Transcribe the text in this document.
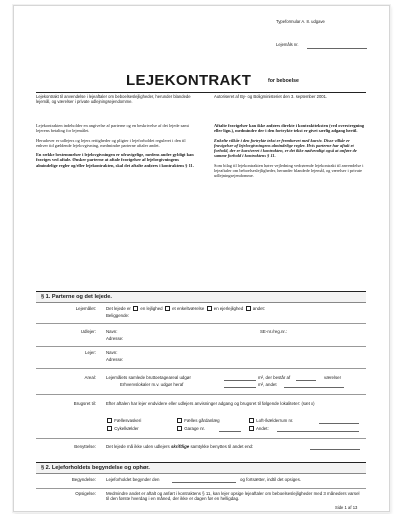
Typeformular A. 8. udgave
Lejemåls nr.
LEJEKONTRAKT	for beboelse
Lejekontrakt til anvendelse i lejeaftaler om beboelseslejligheder, herunder blandede lejemål, og værelser i private udlejningsejendomme.
Autoriseret af By- og Boligministeriet den 3. september 2001.

Lejekontrakten indeholder en angivelse af parterne og en beskrivelse af det lejede samt lejerens betaling for lejemålet.

Herudover er udlejers og lejers rettigheder og pligter i lejeforholdet reguleret i den til enhver tid gældende lejelovgivning, medmindre parterne aftaler andet.

En række bestemmelser i lejelovgivningen er ufravigelige, medens andre gyldigt kan fraviges ved aftale. Ønsker parterne at aftale fravigelser af lejelovgivningens almindelige regler og/eller lejekontrakten, skal det aftalte anføres i kontraktens § 11.

Aftalte fravigelser kan ikke anføres direkte i kontraktteksten (ved overstregning eller lign.), medmindre der i den fortrykte tekst er givet særlig adgang hertil.

Enkelte vilkår i den fortrykte tekst er fremhævet med kursiv. Disse vilkår er fravigelser af lejelovgivningens almindelige regler. Hvis parterne har aftalt et forhold, der er kursiveret i kontrakten, er det ikke nødvendigt også at anføre de samme forhold i kontraktens § 11.

Som bilag til lejekontrakten hører vejledning vedrørende lejekontrakt til anvendelse i lejeaftaler om beboelseslejligheder, herunder blandede lejemål, og værelser i private udlejningsejendomme.

§ 1. Parterne og det lejede.
Lejemålet: Det lejede er en lejlighed et enkeltværelse en ejerlejlighed andet:
Beliggende:
Udlejer: Navn:	SE-nr./reg.nr.:
Adresse:
Lejer: Navn:
Adresse:
Areal: Lejemålets samlede bruttoetageareal udgør	m², der består af	værelser
Erhvervslokaler m.v. udgør heraf	m², andet
Brugsret til: Efter aftalen har lejer endvidere eller udlejers anvisninger adgang og brugsret til følgende lokaliteter: (sæt x)
Fællesvaskeri	Fælles gårdanlæg	Loft-/kælderrum nr.
Cykelkælder	Garage nr.	Andet:
Benyttelse: Det lejede må ikke uden udlejers skriftlige samtykke benyttes til andet end:
§ 2. Lejeforholdets begyndelse og ophør.
Begyndelse: Lejeforholdet begynder den	og fortsætter, indtil det opsiges.
Opsigelse: Medmindre andet er aftalt og anført i kontraktens § 11, kan lejer opsige lejeaftaler om beboelseslejligheder med 3 måneders varsel til den første hverdag i en måned, der ikke er dagen før en helligdag.
Side 1 af 13
